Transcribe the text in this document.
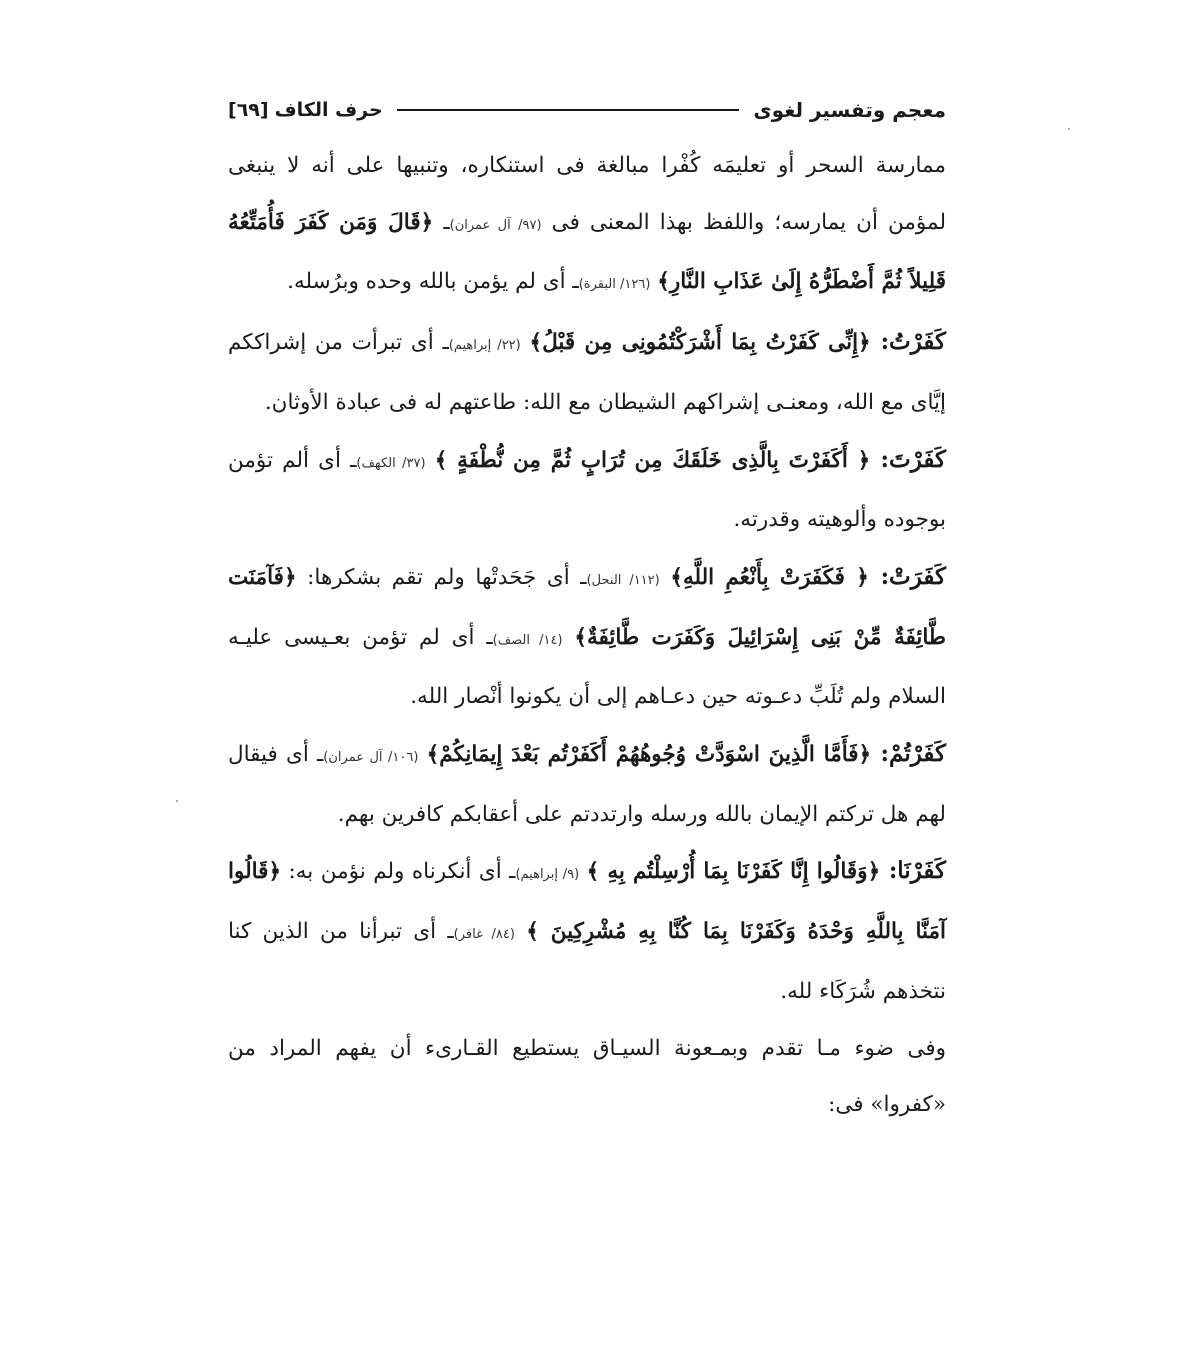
معجم وتفسير لغوى
حرف الكاف
[٦٩]

ممارسة السحر أو تعليمَه كُفْرا مبالغة فى استنكاره، وتنبيها على أنه لا ينبغى لمؤمن أن يمارسه؛ واللفظ بهذا المعنى فى (٩٧/ آل عمران)ـ ﴿قَالَ وَمَن كَفَرَ فَأُمَتِّعُهُ قَلِيلاً ثُمَّ أَضْطَرُّهُ إِلَىٰ عَذَابِ النَّارِ﴾ (١٢٦/ البقرة)ـ أى لم يؤمن بالله وحده وبرُسله.

كَفَرْتُ: ﴿إِنِّى كَفَرْتُ بِمَا أَشْرَكْتُمُونِى مِن قَبْلُ﴾ (٢٢/ إبراهيم)ـ أى تبرأت من إشراككم إيَّاى مع الله، ومعنـى إشراكهم الشيطان مع الله: طاعتهم له فى عبادة الأوثان.

كَفَرْتَ: ﴿ أَكَفَرْتَ بِالَّذِى خَلَقَكَ مِن تُرَابٍ ثُمَّ مِن نُّطْفَةٍ ﴾ (٣٧/ الكهف)ـ أى ألم تؤمن بوجوده وألوهيته وقدرته.

كَفَرَتْ: ﴿ فَكَفَرَتْ بِأَنْعُمِ اللَّهِ﴾ (١١٢/ النحل)ـ أى جَحَدتْها ولم تقم بشكرها: ﴿فَآمَنَت طَّائِفَةٌ مِّنْ بَنِى إِسْرَائِيلَ وَكَفَرَت طَّائِفَةٌ﴾ (١٤/ الصف)ـ أى لم تؤمن بعـيسى عليـه السلام ولم تُلَبِّ دعـوته حين دعـاهم إلى أن يكونوا أنْصار الله.

كَفَرْتُمْ: ﴿فَأَمَّا الَّذِينَ اسْوَدَّتْ وُجُوهُهُمْ أَكَفَرْتُم بَعْدَ إِيمَانِكُمْ﴾ (١٠٦/ آل عمران)ـ أى فيقال لهم هل تركتم الإيمان بالله ورسله وارتددتم على أعقابكم كافرين بهم.

كَفَرْنَا: ﴿وَقَالُوا إِنَّا كَفَرْنَا بِمَا أُرْسِلْتُم بِهِ ﴾ (٩/ إبراهيم)ـ أى أنكرناه ولم نؤمن به: ﴿قَالُوا آمَنَّا بِاللَّهِ وَحْدَهُ وَكَفَرْنَا بِمَا كُنَّا بِهِ مُشْرِكِينَ ﴾ (٨٤/ غافر)ـ أى تبرأنا من الذين كنا نتخذهم شُرَكَاء لله.

وفى ضوء مـا تقدم وبمـعونة السيـاق يستطيع القـارىء أن يفهم المراد من «كفروا» فى:
